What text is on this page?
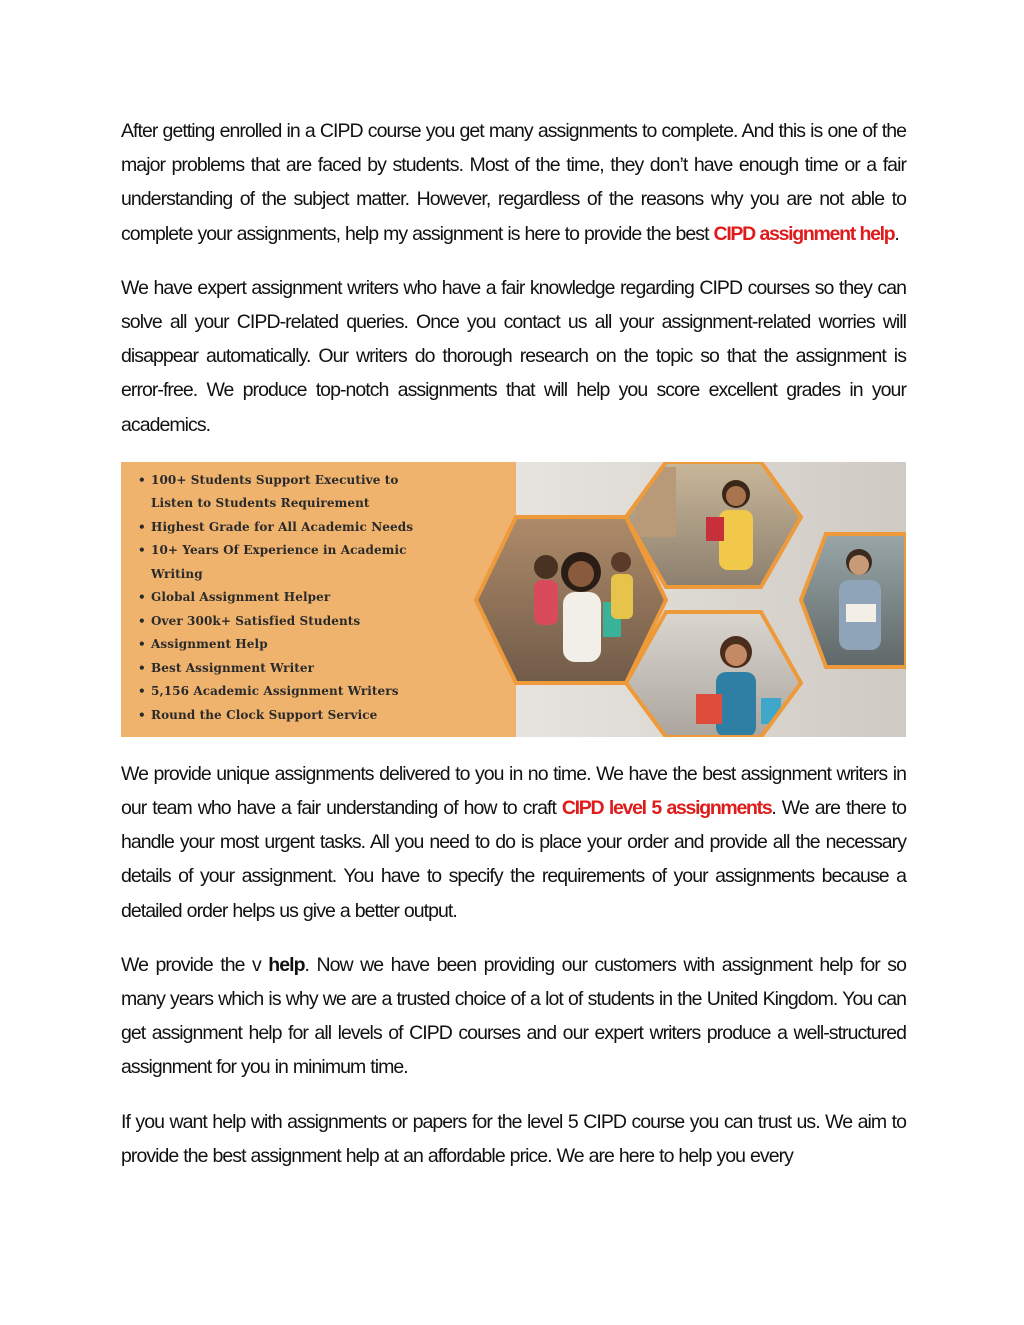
After getting enrolled in a CIPD course you get many assignments to complete. And this is one of the major problems that are faced by students. Most of the time, they don’t have enough time or a fair understanding of the subject matter. However, regardless of the reasons why you are not able to complete your assignments, help my assignment is here to provide the best CIPD assignment help.

We have expert assignment writers who have a fair knowledge regarding CIPD courses so they can solve all your CIPD-related queries. Once you contact us all your assignment-related worries will disappear automatically. Our writers do thorough research on the topic so that the assignment is error-free. We produce top-notch assignments that will help you score excellent grades in your academics.

• 100+ Students Support Executive to
Listen to Students Requirement
• Highest Grade for All Academic Needs
• 10+ Years Of Experience in Academic
Writing
• Global Assignment Helper
• Over 300k+ Satisfied Students
• Assignment Help
• Best Assignment Writer
• 5,156 Academic Assignment Writers
• Round the Clock Support Service

We provide unique assignments delivered to you in no time. We have the best assignment writers in our team who have a fair understanding of how to craft CIPD level 5 assignments. We are there to handle your most urgent tasks. All you need to do is place your order and provide all the necessary details of your assignment. You have to specify the requirements of your assignments because a detailed order helps us give a better output.

We provide the v help. Now we have been providing our customers with assignment help for so many years which is why we are a trusted choice of a lot of students in the United Kingdom. You can get assignment help for all levels of CIPD courses and our expert writers produce a well-structured assignment for you in minimum time.

If you want help with assignments or papers for the level 5 CIPD course you can trust us. We aim to provide the best assignment help at an affordable price. We are here to help you every
